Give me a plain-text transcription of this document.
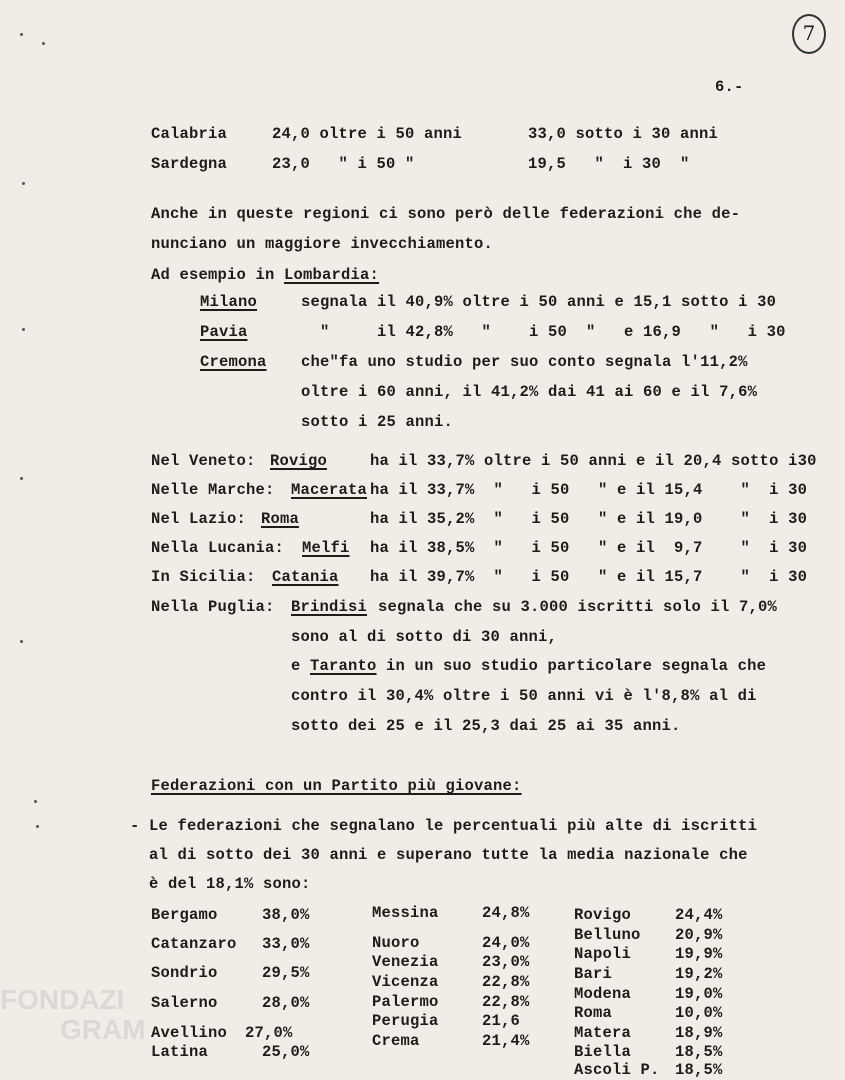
7
6.-
Calabria	24,0 oltre i 50 anni	33,0 sotto i 30 anni
Sardegna	23,0   " i 50 "	19,5   "  i 30  "
Anche in queste regioni ci sono però delle federazioni che de-
nunciano un maggiore invecchiamento.
Ad esempio in Lombardia:
Milano	segnala il 40,9% oltre i 50 anni e 15,1 sotto i 30
Pavia	"     il 42,8%   "    i 50  "   e 16,9   "   i 30
Cremona che"fa uno studio per suo conto segnala l'11,2%
oltre i 60 anni, il 41,2% dai 41 ai 60 e il 7,6%
sotto i 25 anni.
Nel Veneto: Rovigo	ha il 33,7% oltre i 50 anni e il 20,4 sotto i30
Nelle Marche: Macerata ha il 33,7%  "   i 50   " e il 15,4    "  i 30
Nel Lazio: Roma	ha il 35,2%  "   i 50   " e il 19,0    "  i 30
Nella Lucania: Melfi ha il 38,5%  "   i 50   " e il  9,7    "  i 30
In Sicilia: Catania ha il 39,7%  "   i 50   " e il 15,7    "  i 30
Nella Puglia: Brindisi segnala che su 3.000 iscritti solo il 7,0%
sono al di sotto di 30 anni,
e Taranto in un suo studio particolare segnala che
contro il 30,4% oltre i 50 anni vi è l'8,8% al di
sotto dei 25 e il 25,3 dai 25 ai 35 anni.
Federazioni con un Partito più giovane:
- Le federazioni che segnalano le percentuali più alte di iscritti
al di sotto dei 30 anni e superano tutte la media nazionale che
è del 18,1% sono:
Bergamo	38,0%
Catanzaro 33,0%
Sondrio	29,5%
Salerno	28,0%
Avellino 27,0%
Latina	25,0%
Messina	24,8%
Nuoro	24,0%
Venezia	23,0%
Vicenza	22,8%
Palermo	22,8%
Perugia	21,6
Crema	21,4%
Rovigo	24,4%
Belluno 20,9%
Napoli	19,9%
Bari	19,2%
Modena	19,0%
Roma	10,0%
Matera	18,9%
Biella	18,5%
Ascoli P. 18,5%
FONDAZI
GRAM
